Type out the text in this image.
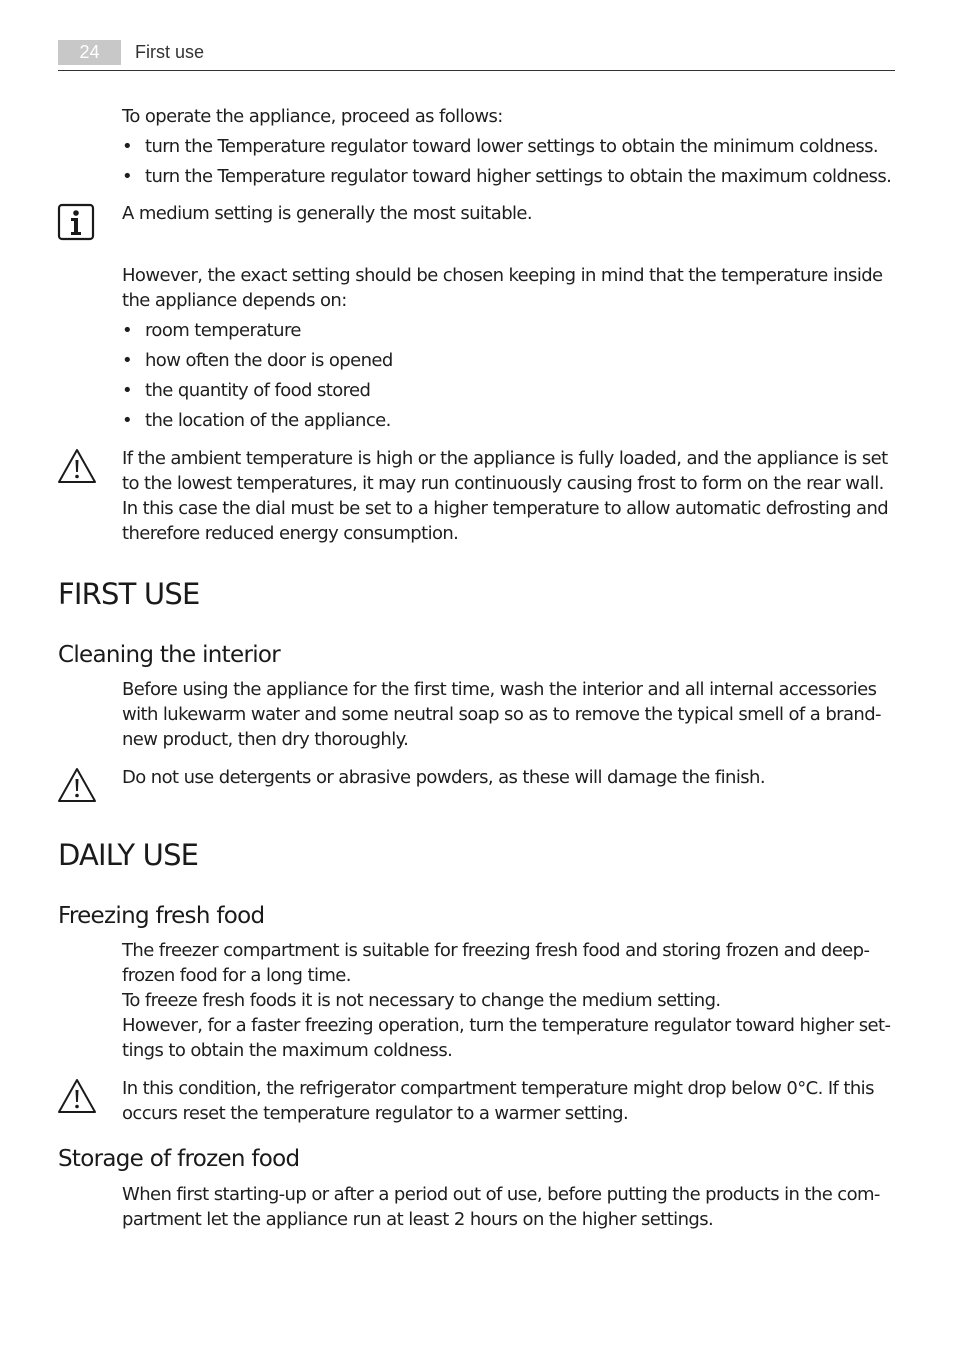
24	First use
To operate the appliance, proceed as follows:
• turn the Temperature regulator toward lower settings to obtain the minimum coldness.
• turn the Temperature regulator toward higher settings to obtain the maximum coldness.
A medium setting is generally the most suitable.
However, the exact setting should be chosen keeping in mind that the temperature inside
the appliance depends on:
• room temperature
• how often the door is opened
• the quantity of food stored
• the location of the appliance.
If the ambient temperature is high or the appliance is fully loaded, and the appliance is set
to the lowest temperatures, it may run continuously causing frost to form on the rear wall.
In this case the dial must be set to a higher temperature to allow automatic defrosting and
therefore reduced energy consumption.
FIRST USE
Cleaning the interior
Before using the appliance for the first time, wash the interior and all internal accessories
with lukewarm water and some neutral soap so as to remove the typical smell of a brand-
new product, then dry thoroughly.
Do not use detergents or abrasive powders, as these will damage the finish.
DAILY USE
Freezing fresh food
The freezer compartment is suitable for freezing fresh food and storing frozen and deep-
frozen food for a long time.
To freeze fresh foods it is not necessary to change the medium setting.
However, for a faster freezing operation, turn the temperature regulator toward higher set-
tings to obtain the maximum coldness.
In this condition, the refrigerator compartment temperature might drop below 0°C. If this
occurs reset the temperature regulator to a warmer setting.
Storage of frozen food
When first starting-up or after a period out of use, before putting the products in the com-
partment let the appliance run at least 2 hours on the higher settings.
